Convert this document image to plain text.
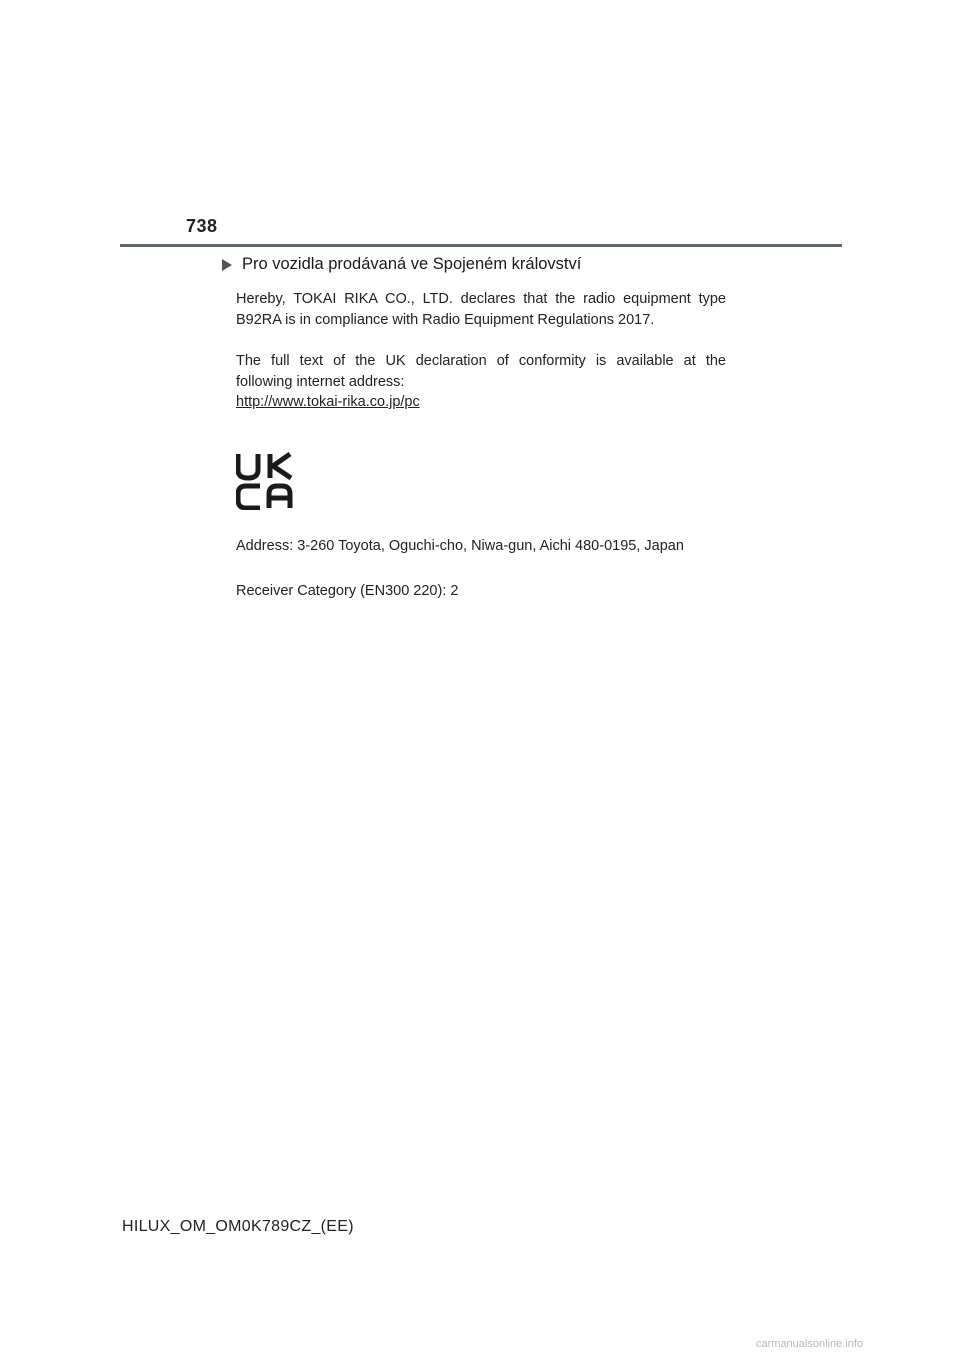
738
Pro vozidla prodávaná ve Spojeném království

Hereby, TOKAI RIKA CO., LTD. declares that the radio equipment type

B92RA is in compliance with Radio Equipment Regulations 2017.

The full text of the UK declaration of conformity is available at the

following internet address:

http://www.tokai-rika.co.jp/pc

Address: 3-260 Toyota, Oguchi-cho, Niwa-gun, Aichi 480-0195, Japan
Receiver Category (EN300 220): 2
HILUX_OM_OM0K789CZ_(EE)
carmanualsonline.info
